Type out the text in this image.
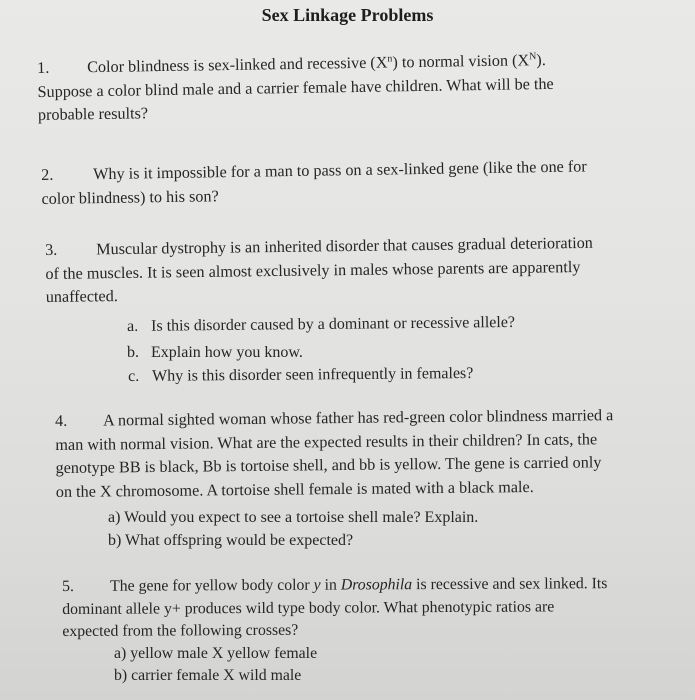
Sex Linkage Problems
1. Color blindness is sex-linked and recessive $(X^n)$ to normal vision $(X^N)$.
Suppose a color blind male and a carrier female have children. What will be the
probable results?
2. Why is it impossible for a man to pass on a sex-linked gene (like the one for
color blindness) to his son?
3. Muscular dystrophy is an inherited disorder that causes gradual deterioration
of the muscles. It is seen almost exclusively in males whose parents are apparently
unaffected.
a. Is this disorder caused by a dominant or recessive allele?
b. Explain how you know.
c. Why is this disorder seen infrequently in females?
4. A normal sighted woman whose father has red-green color blindness married a
man with normal vision. What are the expected results in their children? In cats, the
genotype BB is black, Bb is tortoise shell, and bb is yellow. The gene is carried only
on the X chromosome. A tortoise shell female is mated with a black male.
a) Would you expect to see a tortoise shell male? Explain.
b) What offspring would be expected?
5. The gene for yellow body color y in Drosophila is recessive and sex linked. Its
dominant allele y+ produces wild type body color. What phenotypic ratios are
expected from the following crosses?
a) yellow male X yellow female
b) carrier female X wild male
